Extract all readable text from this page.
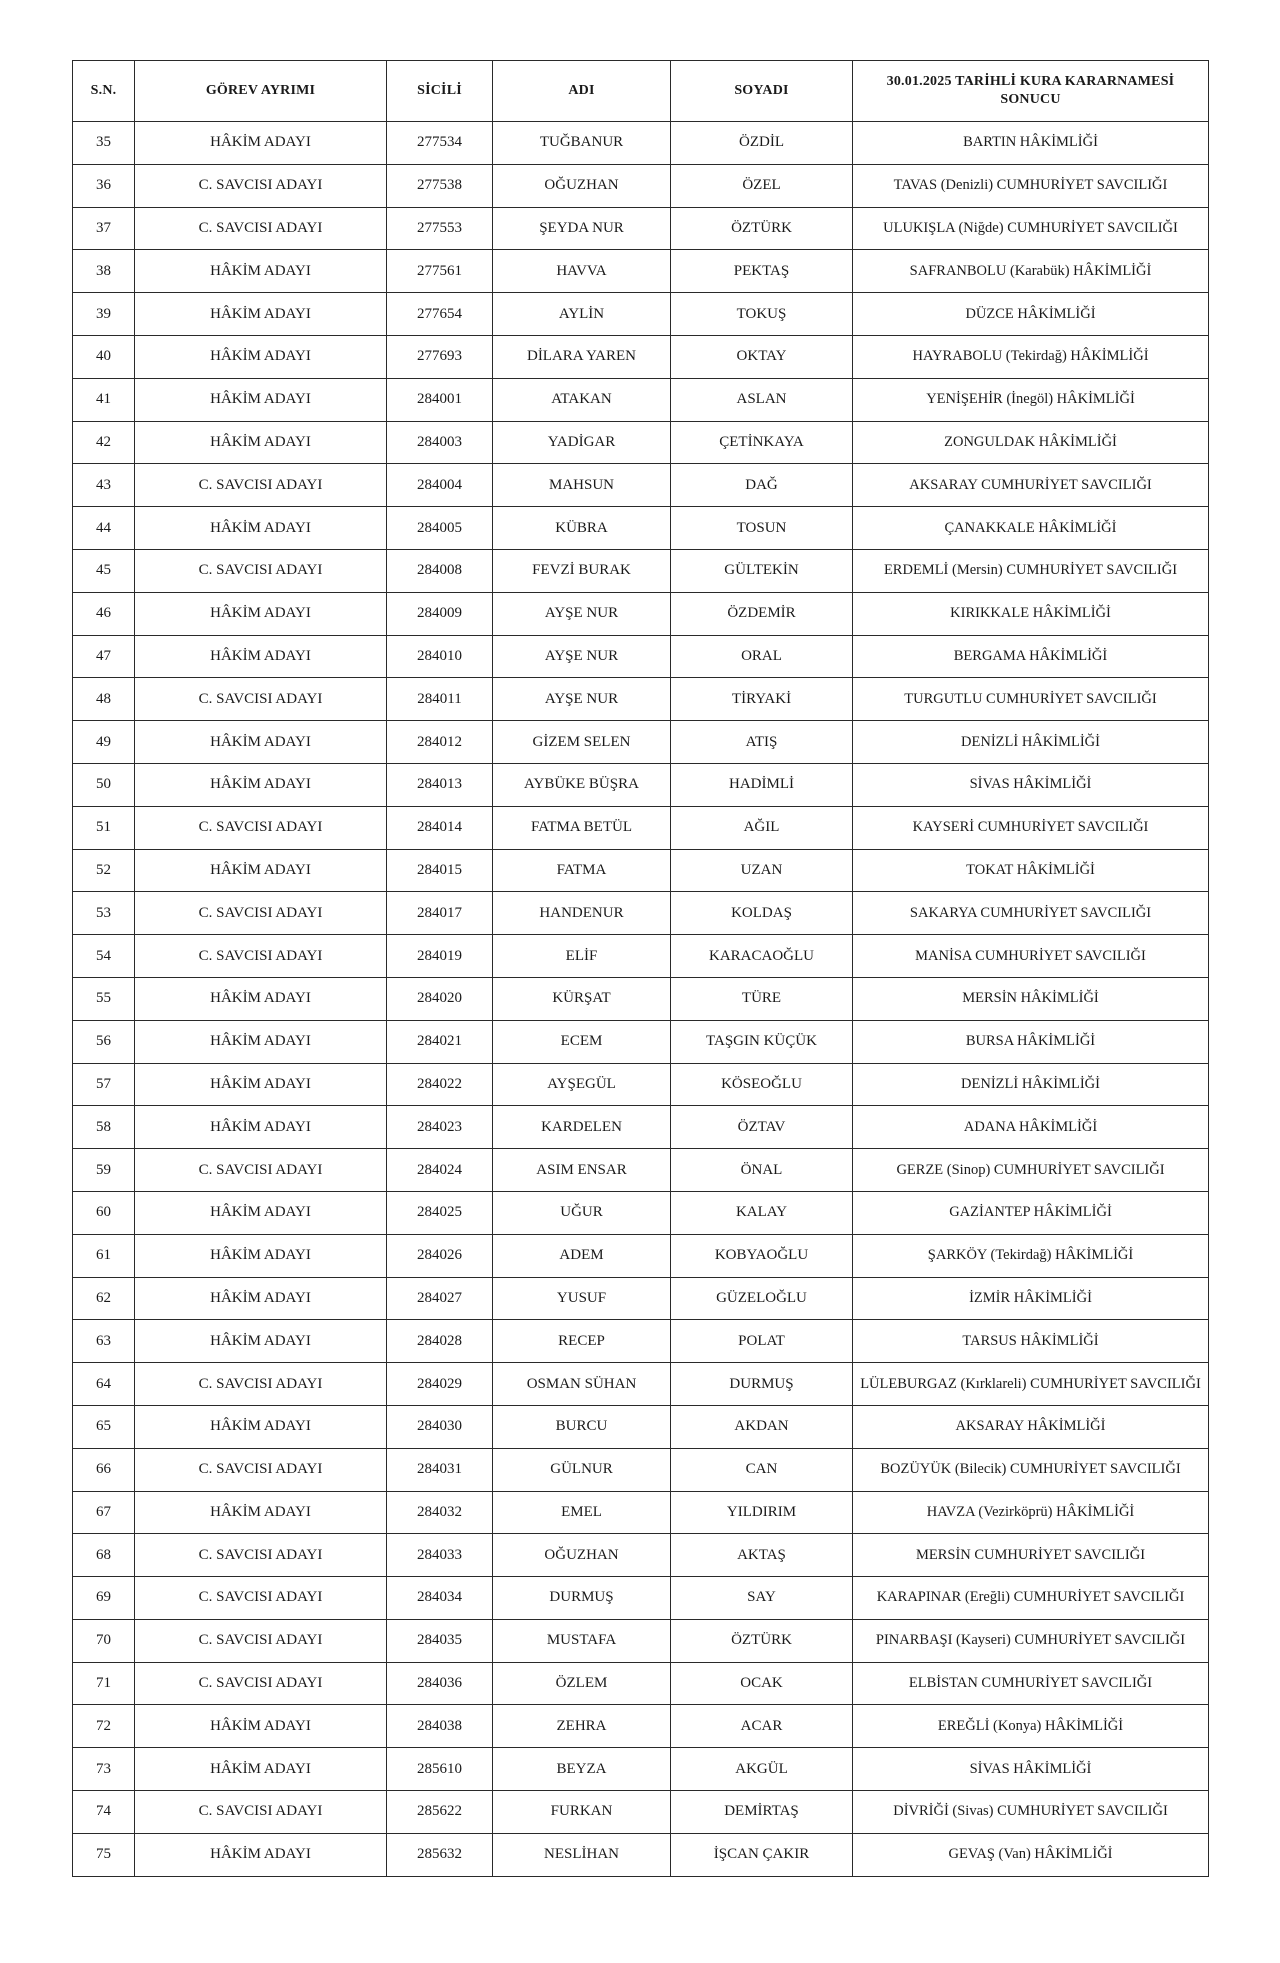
S.N.	GÖREV AYRIMI	SİCİLİ	ADI	SOYADI	30.01.2025 TARİHLİ KURA KARARNAMESİ SONUCU
35	HÂKİM ADAYI	277534	TUĞBANUR	ÖZDİL	BARTIN HÂKİMLİĞİ
36	C. SAVCISI ADAYI	277538	OĞUZHAN	ÖZEL	TAVAS (Denizli) CUMHURİYET SAVCILIĞI
37	C. SAVCISI ADAYI	277553	ŞEYDA NUR	ÖZTÜRK	ULUKIŞLA (Niğde) CUMHURİYET SAVCILIĞI
38	HÂKİM ADAYI	277561	HAVVA	PEKTAŞ	SAFRANBOLU (Karabük) HÂKİMLİĞİ
39	HÂKİM ADAYI	277654	AYLİN	TOKUŞ	DÜZCE HÂKİMLİĞİ
40	HÂKİM ADAYI	277693	DİLARA YAREN	OKTAY	HAYRABOLU (Tekirdağ) HÂKİMLİĞİ
41	HÂKİM ADAYI	284001	ATAKAN	ASLAN	YENİŞEHİR (İnegöl) HÂKİMLİĞİ
42	HÂKİM ADAYI	284003	YADİGAR	ÇETİNKAYA	ZONGULDAK HÂKİMLİĞİ
43	C. SAVCISI ADAYI	284004	MAHSUN	DAĞ	AKSARAY CUMHURİYET SAVCILIĞI
44	HÂKİM ADAYI	284005	KÜBRA	TOSUN	ÇANAKKALE HÂKİMLİĞİ
45	C. SAVCISI ADAYI	284008	FEVZİ BURAK	GÜLTEKİN	ERDEMLİ (Mersin) CUMHURİYET SAVCILIĞI
46	HÂKİM ADAYI	284009	AYŞE NUR	ÖZDEMİR	KIRIKKALE HÂKİMLİĞİ
47	HÂKİM ADAYI	284010	AYŞE NUR	ORAL	BERGAMA HÂKİMLİĞİ
48	C. SAVCISI ADAYI	284011	AYŞE NUR	TİRYAKİ	TURGUTLU CUMHURİYET SAVCILIĞI
49	HÂKİM ADAYI	284012	GİZEM SELEN	ATIŞ	DENİZLİ HÂKİMLİĞİ
50	HÂKİM ADAYI	284013	AYBÜKE BÜŞRA	HADİMLİ	SİVAS HÂKİMLİĞİ
51	C. SAVCISI ADAYI	284014	FATMA BETÜL	AĞIL	KAYSERİ CUMHURİYET SAVCILIĞI
52	HÂKİM ADAYI	284015	FATMA	UZAN	TOKAT HÂKİMLİĞİ
53	C. SAVCISI ADAYI	284017	HANDENUR	KOLDAŞ	SAKARYA CUMHURİYET SAVCILIĞI
54	C. SAVCISI ADAYI	284019	ELİF	KARACAOĞLU	MANİSA CUMHURİYET SAVCILIĞI
55	HÂKİM ADAYI	284020	KÜRŞAT	TÜRE	MERSİN HÂKİMLİĞİ
56	HÂKİM ADAYI	284021	ECEM	TAŞGIN KÜÇÜK	BURSA HÂKİMLİĞİ
57	HÂKİM ADAYI	284022	AYŞEGÜL	KÖSEOĞLU	DENİZLİ HÂKİMLİĞİ
58	HÂKİM ADAYI	284023	KARDELEN	ÖZTAV	ADANA HÂKİMLİĞİ
59	C. SAVCISI ADAYI	284024	ASIM ENSAR	ÖNAL	GERZE (Sinop) CUMHURİYET SAVCILIĞI
60	HÂKİM ADAYI	284025	UĞUR	KALAY	GAZİANTEP HÂKİMLİĞİ
61	HÂKİM ADAYI	284026	ADEM	KOBYAOĞLU	ŞARKÖY (Tekirdağ) HÂKİMLİĞİ
62	HÂKİM ADAYI	284027	YUSUF	GÜZELOĞLU	İZMİR HÂKİMLİĞİ
63	HÂKİM ADAYI	284028	RECEP	POLAT	TARSUS HÂKİMLİĞİ
64	C. SAVCISI ADAYI	284029	OSMAN SÜHAN	DURMUŞ	LÜLEBURGAZ (Kırklareli) CUMHURİYET SAVCILIĞI
65	HÂKİM ADAYI	284030	BURCU	AKDAN	AKSARAY HÂKİMLİĞİ
66	C. SAVCISI ADAYI	284031	GÜLNUR	CAN	BOZÜYÜK (Bilecik) CUMHURİYET SAVCILIĞI
67	HÂKİM ADAYI	284032	EMEL	YILDIRIM	HAVZA (Vezirköprü) HÂKİMLİĞİ
68	C. SAVCISI ADAYI	284033	OĞUZHAN	AKTAŞ	MERSİN CUMHURİYET SAVCILIĞI
69	C. SAVCISI ADAYI	284034	DURMUŞ	SAY	KARAPINAR (Ereğli) CUMHURİYET SAVCILIĞI
70	C. SAVCISI ADAYI	284035	MUSTAFA	ÖZTÜRK	PINARBAŞI (Kayseri) CUMHURİYET SAVCILIĞI
71	C. SAVCISI ADAYI	284036	ÖZLEM	OCAK	ELBİSTAN CUMHURİYET SAVCILIĞI
72	HÂKİM ADAYI	284038	ZEHRA	ACAR	EREĞLİ (Konya) HÂKİMLİĞİ
73	HÂKİM ADAYI	285610	BEYZA	AKGÜL	SİVAS HÂKİMLİĞİ
74	C. SAVCISI ADAYI	285622	FURKAN	DEMİRTAŞ	DİVRİĞİ (Sivas) CUMHURİYET SAVCILIĞI
75	HÂKİM ADAYI	285632	NESLİHAN	İŞCAN ÇAKIR	GEVAŞ (Van) HÂKİMLİĞİ
